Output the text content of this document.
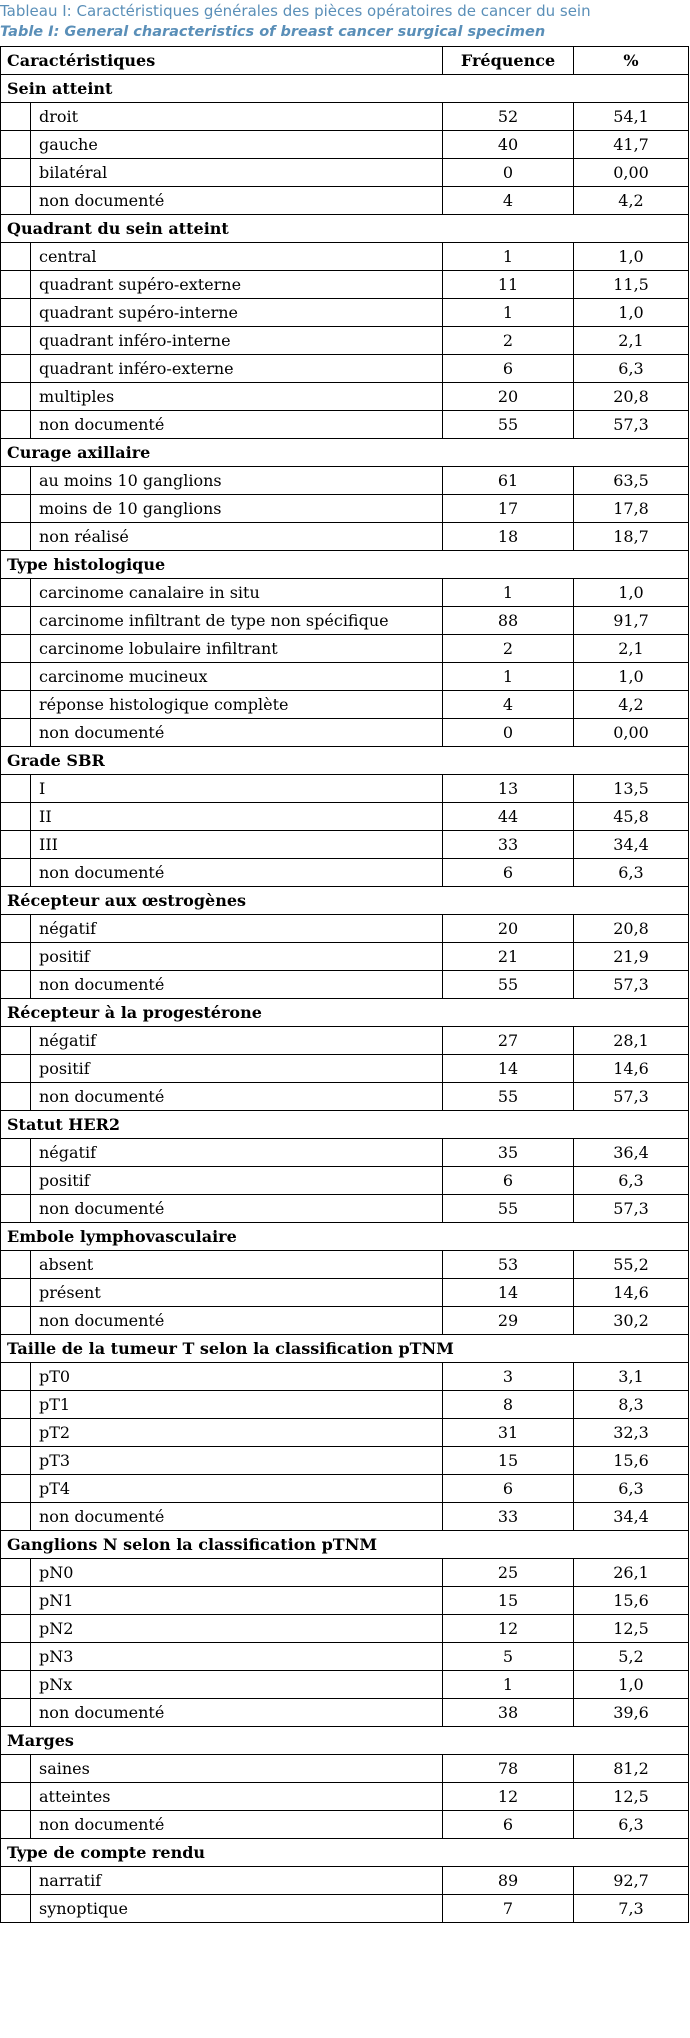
Tableau I: Caractéristiques générales des pièces opératoires de cancer du sein
Table I: General characteristics of breast cancer surgical specimen
Caractéristiques		Fréquence	%
Sein atteint			
	droit	52	54,1
	gauche	40	41,7
	bilatéral	0	0,00
	non documenté	4	4,2
Quadrant du sein atteint			
	central	1	1,0
	quadrant supéro-externe	11	11,5
	quadrant supéro-interne	1	1,0
	quadrant inféro-interne	2	2,1
	quadrant inféro-externe	6	6,3
	multiples	20	20,8
	non documenté	55	57,3
Curage axillaire			
	au moins 10 ganglions	61	63,5
	moins de 10 ganglions	17	17,8
	non réalisé	18	18,7
Type histologique			
	carcinome canalaire in situ	1	1,0
	carcinome infiltrant de type non spécifique	88	91,7
	carcinome lobulaire infiltrant	2	2,1
	carcinome mucineux	1	1,0
	réponse histologique complète	4	4,2
	non documenté	0	0,00
Grade SBR			
	I	13	13,5
	II	44	45,8
	III	33	34,4
	non documenté	6	6,3
Récepteur aux œstrogènes			
	négatif	20	20,8
	positif	21	21,9
	non documenté	55	57,3
Récepteur à la progestérone			
	négatif	27	28,1
	positif	14	14,6
	non documenté	55	57,3
Statut HER2			
	négatif	35	36,4
	positif	6	6,3
	non documenté	55	57,3
Embole lymphovasculaire			
	absent	53	55,2
	présent	14	14,6
	non documenté	29	30,2
Taille de la tumeur T selon la classification pTNM			
	pT0	3	3,1
	pT1	8	8,3
	pT2	31	32,3
	pT3	15	15,6
	pT4	6	6,3
	non documenté	33	34,4
Ganglions N selon la classification pTNM			
	pN0	25	26,1
	pN1	15	15,6
	pN2	12	12,5
	pN3	5	5,2
	pNx	1	1,0
	non documenté	38	39,6
Marges			
	saines	78	81,2
	atteintes	12	12,5
	non documenté	6	6,3
Type de compte rendu			
	narratif	89	92,7
	synoptique	7	7,3
